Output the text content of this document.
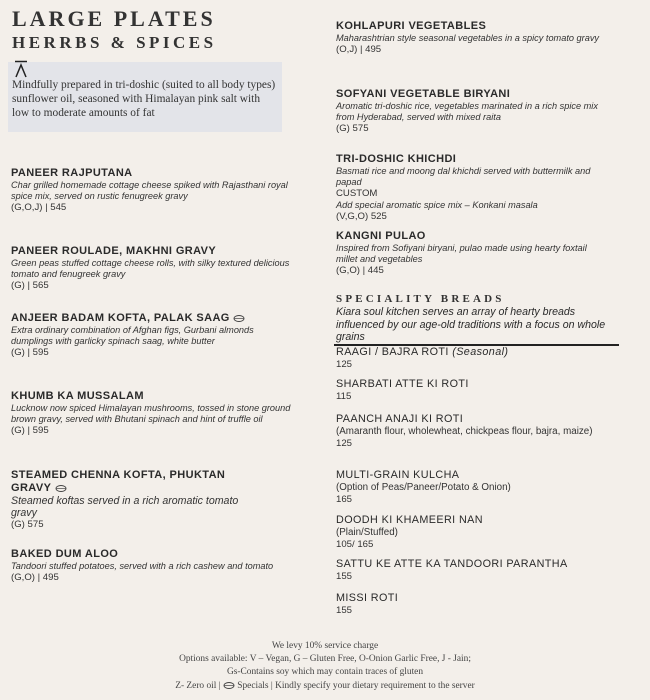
LARGE PLATES
HERRBS & SPICES
Mindfully prepared in tri-doshic (suited to all body types) sunflower oil, seasoned with Himalayan pink salt with low to moderate amounts of fat
PANEER RAJPUTANA
Char grilled homemade cottage cheese spiked with Rajasthani royal spice mix, served on rustic fenugreek gravy
(G,O,J) | 545
PANEER ROULADE, MAKHNI GRAVY
Green peas stuffed cottage cheese rolls, with silky textured delicious tomato and fenugreek gravy
(G) | 565
ANJEER BADAM KOFTA, PALAK SAAG
Extra ordinary combination of Afghan figs, Gurbani almonds dumplings with garlicky spinach saag, white butter
(G) | 595
KHUMB KA MUSSALAM
Lucknow now spiced Himalayan mushrooms, tossed in stone ground brown gravy, served with Bhutani spinach and hint of truffle oil
(G) | 595
STEAMED CHENNA KOFTA, PHUKTAN GRAVY
Steamed koftas served in a rich aromatic tomato gravy
(G) 575
BAKED DUM ALOO
Tandoori stuffed potatoes, served with a rich cashew and tomato
(G,O) | 495
KOHLAPURI VEGETABLES
Maharashtrian style seasonal vegetables in a spicy tomato gravy
(O,J) | 495
SOFYANI VEGETABLE BIRYANI
Aromatic tri-doshic rice, vegetables marinated in a rich spice mix from Hyderabad, served with mixed raita
(G) 575
TRI-DOSHIC KHICHDI
Basmati rice and moong dal khichdi served with buttermilk and papad
CUSTOM
Add special aromatic spice mix – Konkani masala
(V,G,O) 525
KANGNI PULAO
Inspired from Sofiyani biryani, pulao made using hearty foxtail millet and vegetables
(G,O) | 445
SPECIALITY BREADS
Kiara soul kitchen serves an array of hearty breads influenced by our age-old traditions with a focus on whole grains
RAAGI / BAJRA ROTI (Seasonal)
125
SHARBATI ATTE KI ROTI
115
PAANCH ANAJI KI ROTI
(Amaranth flour, wholewheat, chickpeas flour, bajra, maize)
125
MULTI-GRAIN KULCHA
(Option of Peas/Paneer/Potato & Onion)
165
DOODH KI KHAMEERI NAN
(Plain/Stuffed)
105/ 165
SATTU KE ATTE KA TANDOORI PARANTHA
155
MISSI ROTI
155
We levy 10% service charge
Options available: V – Vegan, G – Gluten Free, O-Onion Garlic Free, J - Jain;
Gs-Contains soy which may contain traces of gluten
Z- Zero oil | Specials | Kindly specify your dietary requirement to the server
